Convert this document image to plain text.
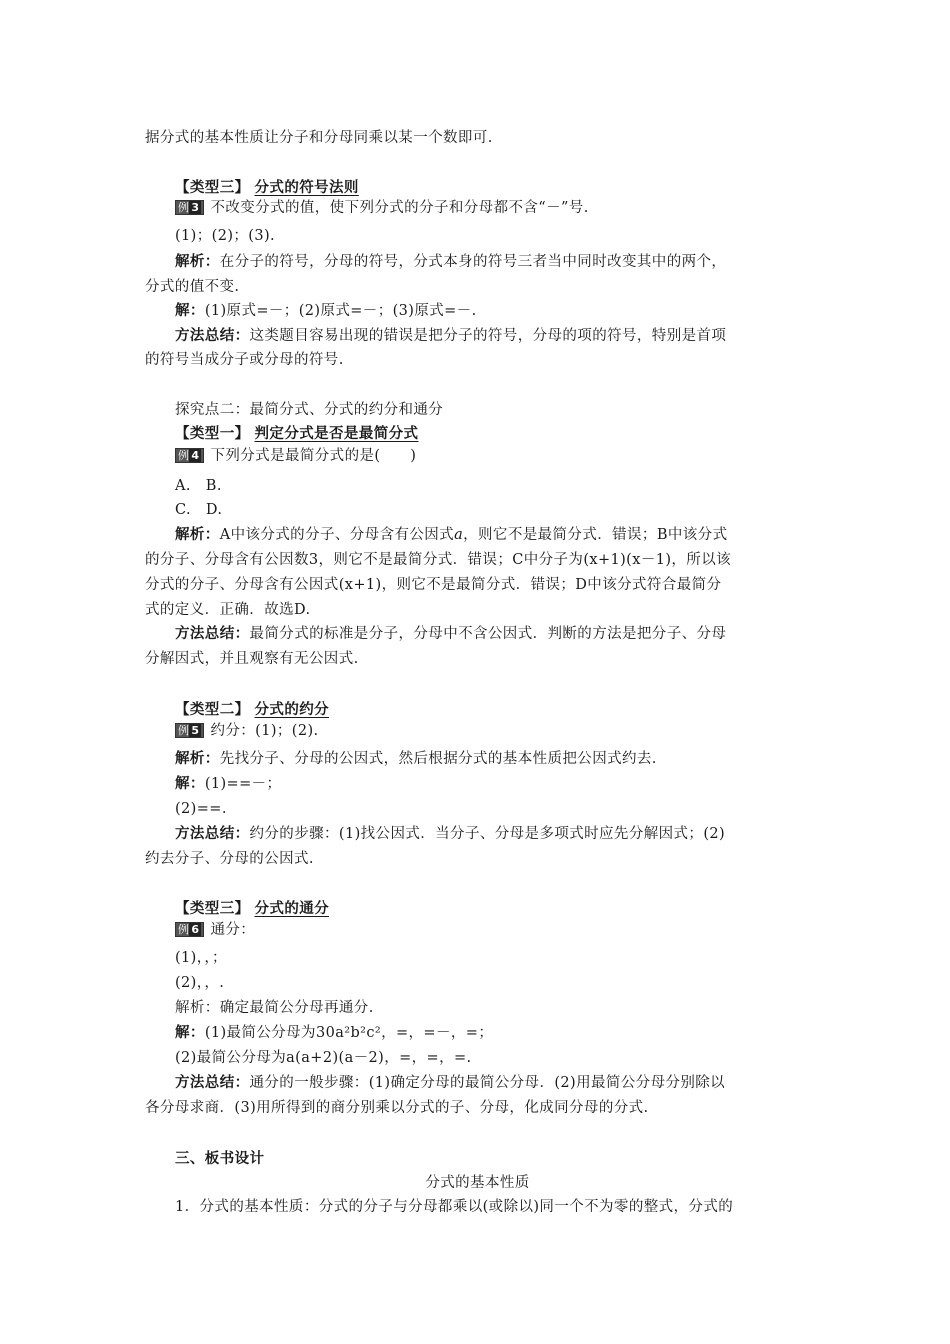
据分式的基本性质让分子和分母同乘以某一个数即可.
【类型三】 分式的符号法则
例 3 不改变分式的值，使下列分式的分子和分母都不含“－”号.
(1)；(2)；(3).
解析：在分子的符号，分母的符号，分式本身的符号三者当中同时改变其中的两个，
分式的值不变.
解：(1)原式=－；(2)原式=－；(3)原式=－.
方法总结：这类题目容易出现的错误是把分子的符号，分母的项的符号，特别是首项
的符号当成分子或分母的符号.
探究点二：最简分式、分式的约分和通分
【类型一】 判定分式是否是最简分式
例 4 下列分式是最简分式的是(　　)
A.　B.
C.　D.
解析：A中该分式的分子、分母含有公因式a，则它不是最简分式．错误；B中该分式
的分子、分母含有公因数3，则它不是最简分式．错误；C中分子为(x+1)(x－1)，所以该
分式的分子、分母含有公因式(x+1)，则它不是最简分式．错误；D中该分式符合最简分
式的定义．正确．故选D.
方法总结：最简分式的标准是分子，分母中不含公因式．判断的方法是把分子、分母
分解因式，并且观察有无公因式.
【类型二】 分式的约分
例 5 约分：(1)；(2).
解析：先找分子、分母的公因式，然后根据分式的基本性质把公因式约去.
解：(1)==－；
(2)==.
方法总结：约分的步骤：(1)找公因式．当分子、分母是多项式时应先分解因式；(2)
约去分子、分母的公因式.
【类型三】 分式的通分
例 6 通分：
(1)，，；
(2)，，.
解析：确定最简公分母再通分.
解：(1)最简公分母为30a²b²c²，=，=－，=；
(2)最简公分母为a(a+2)(a－2)，=，=，=.
方法总结：通分的一般步骤：(1)确定分母的最简公分母．(2)用最简公分母分别除以
各分母求商．(3)用所得到的商分别乘以分式的子、分母，化成同分母的分式.
三、板书设计
分式的基本性质
1．分式的基本性质：分式的分子与分母都乘以(或除以)同一个不为零的整式，分式的
